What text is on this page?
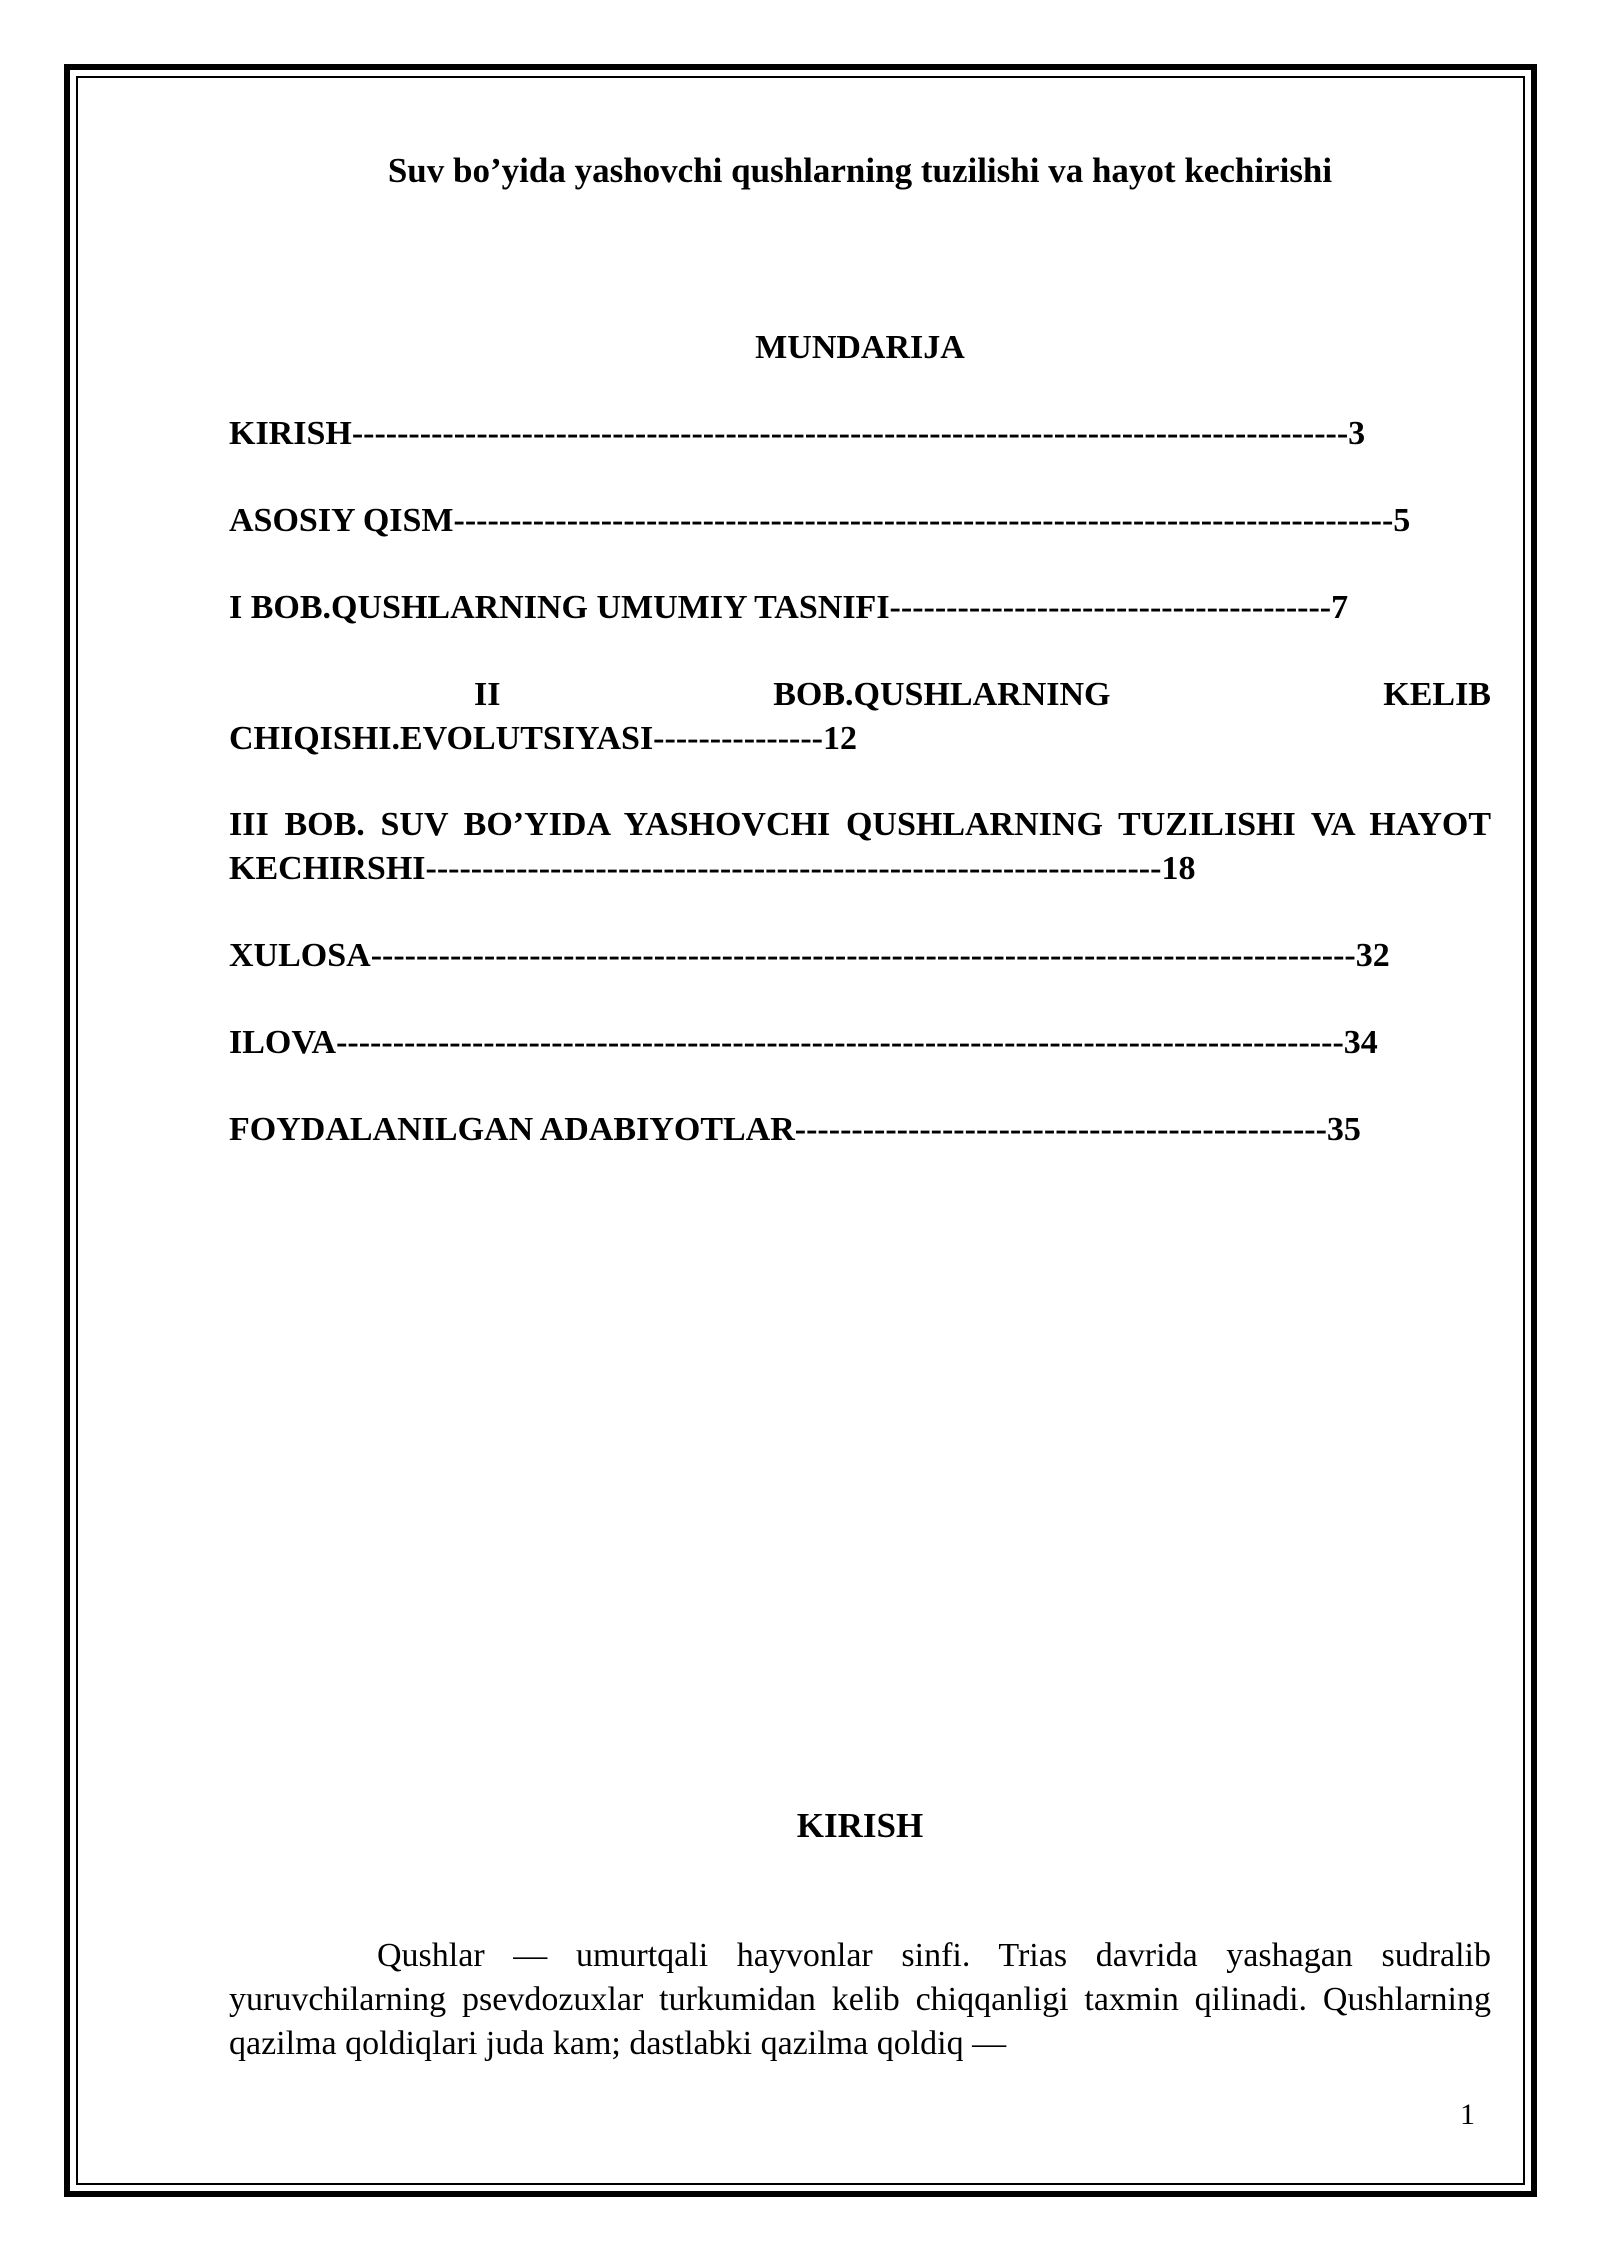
Suv bo’yida yashovchi qushlarning tuzilishi va hayot kechirishi
MUNDARIJA
KIRISH----------------------------------------------------------------------------------------3
ASOSIY QISM-----------------------------------------------------------------------------------5
I BOB.QUSHLARNING UMUMIY TASNIFI---------------------------------------7
II	BOB.QUSHLARNING	KELIB
CHIQISHI.EVOLUTSIYASI---------------12
III BOB. SUV BO’YIDA YASHOVCHI QUSHLARNING TUZILISHI VA HAYOT KECHIRSHI-----------------------------------------------------------------18
XULOSA---------------------------------------------------------------------------------------32
ILOVA-----------------------------------------------------------------------------------------34
FOYDALANILGAN ADABIYOTLAR-----------------------------------------------35
KIRISH

Qushlar — umurtqali hayvonlar sinfi. Trias davrida yashagan sudralib yuruvchilarning psevdozuxlar turkumidan kelib chiqqanligi taxmin qilinadi. Qushlarning qazilma qoldiqlari juda kam; dastlabki qazilma qoldiq —

1
